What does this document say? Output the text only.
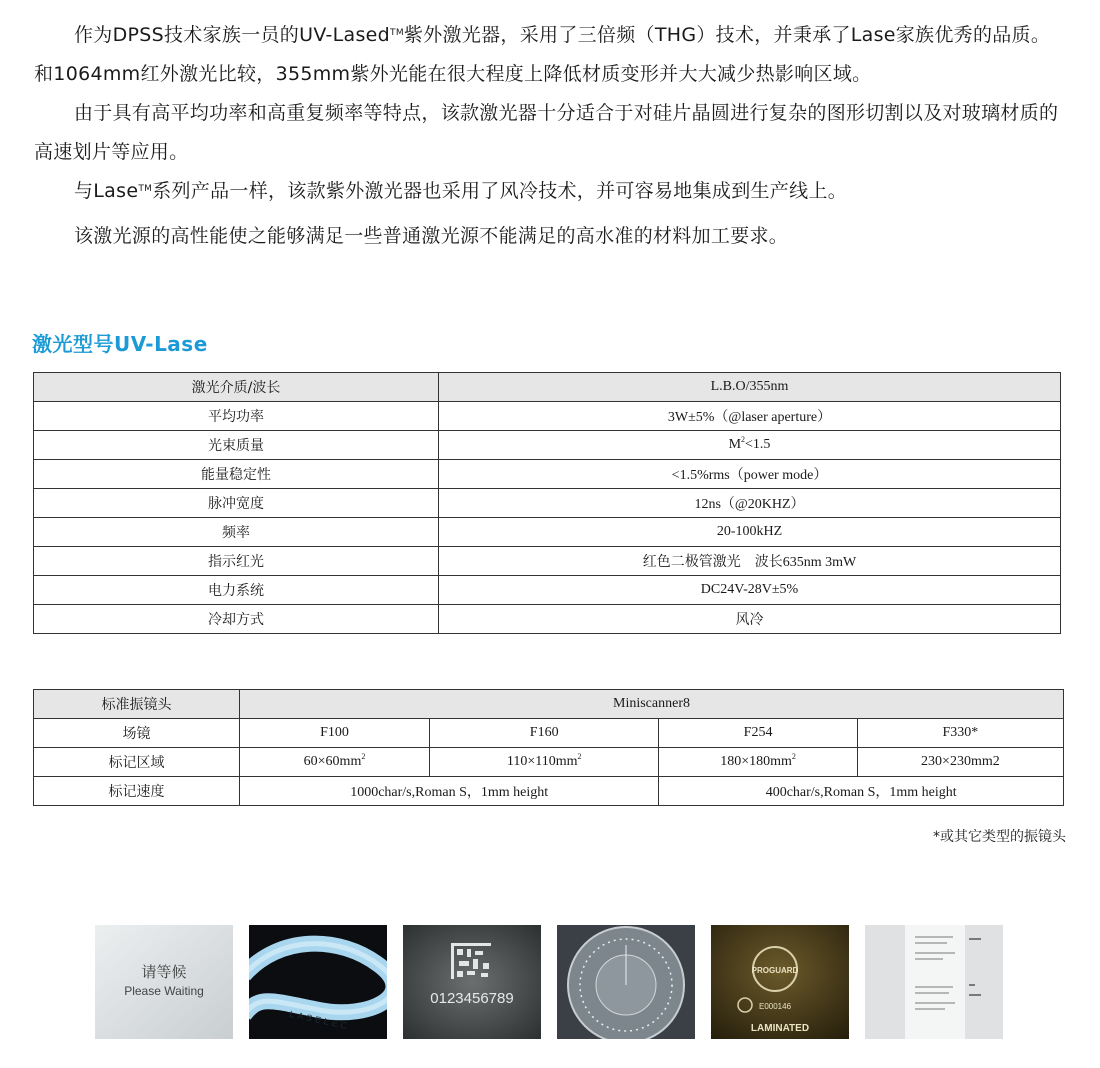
作为DPSS技术家族一员的UV-Lased™紫外激光器，采用了三倍频（THG）技术，并秉承了Lase家族优秀的品质。和1064mm红外激光比较，355mm紫外光能在很大程度上降低材质变形并大大减少热影响区域。

由于具有高平均功率和高重复频率等特点，该款激光器十分适合于对硅片晶圆进行复杂的图形切割以及对玻璃材质的高速划片等应用。

与Lase™系列产品一样，该款紫外激光器也采用了风冷技术，并可容易地集成到生产线上。

该激光源的高性能使之能够满足一些普通激光源不能满足的高水准的材料加工要求。

激光型号UV-Lase
激光介质/波长	L.B.O/355nm
平均功率	3W±5%（@laser aperture）
光束质量	$M^2<1.5$
能量稳定性	<1.5%rms（power mode）
脉冲宽度	12ns（@20KHZ）
频率	20-100kHZ
指示红光	红色二极管激光　波长635nm 3mW
电力系统	DC24V-28V±5%
冷却方式	风冷
标准振镜头	Miniscanner8			
场镜	F100	F160	F254	F330*
标记区域	$60\times 60mm^2$	$110\times 110mm^2$	$180\times 180mm^2$	230×230mm2
标记速度	1000char/s,Roman S，1mm height		400char/s,Roman S，1mm height	
*或其它类型的振镜头
请等候
Please Waiting
LASELEC
0123456789
PROGUARD
E000146
LAMINATED
